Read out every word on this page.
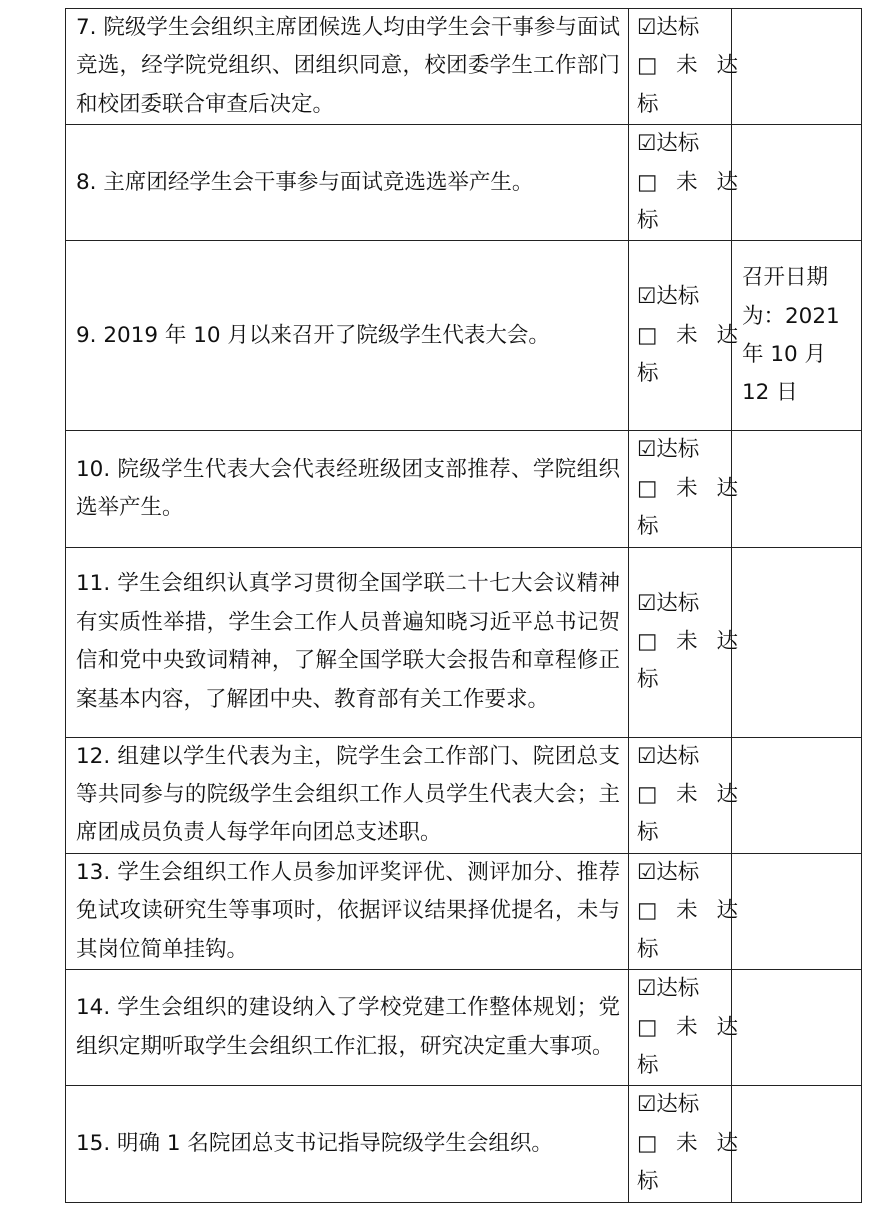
7. 院级学生会组织主席团候选人均由学生会干事参与面试竞选，经学院党组织、团组织同意，校团委学生工作部门和校团委联合审查后决定。	☑达标
□ 未 达
标	

8. 主席团经学生会干事参与面试竞选选举产生。	☑达标
□ 未 达
标	

9. 2019 年 10 月以来召开了院级学生代表大会。	☑达标
□ 未 达
标	召开日期为：2021 年 10 月 12 日
10. 院级学生代表大会代表经班级团支部推荐、学院组织选举产生。	☑达标
□ 未 达
标	

11. 学生会组织认真学习贯彻全国学联二十七大会议精神有实质性举措，学生会工作人员普遍知晓习近平总书记贺信和党中央致词精神，了解全国学联大会报告和章程修正案基本内容，了解团中央、教育部有关工作要求。	☑达标
□ 未 达
标	

12. 组建以学生代表为主，院学生会工作部门、院团总支等共同参与的院级学生会组织工作人员学生代表大会；主席团成员负责人每学年向团总支述职。	☑达标
□ 未 达
标	

13. 学生会组织工作人员参加评奖评优、测评加分、推荐免试攻读研究生等事项时，依据评议结果择优提名，未与其岗位简单挂钩。	☑达标
□ 未 达
标	

14. 学生会组织的建设纳入了学校党建工作整体规划；党组织定期听取学生会组织工作汇报，研究决定重大事项。	☑达标
□ 未 达
标	

15. 明确 1 名院团总支书记指导院级学生会组织。	☑达标
□ 未 达
标	
